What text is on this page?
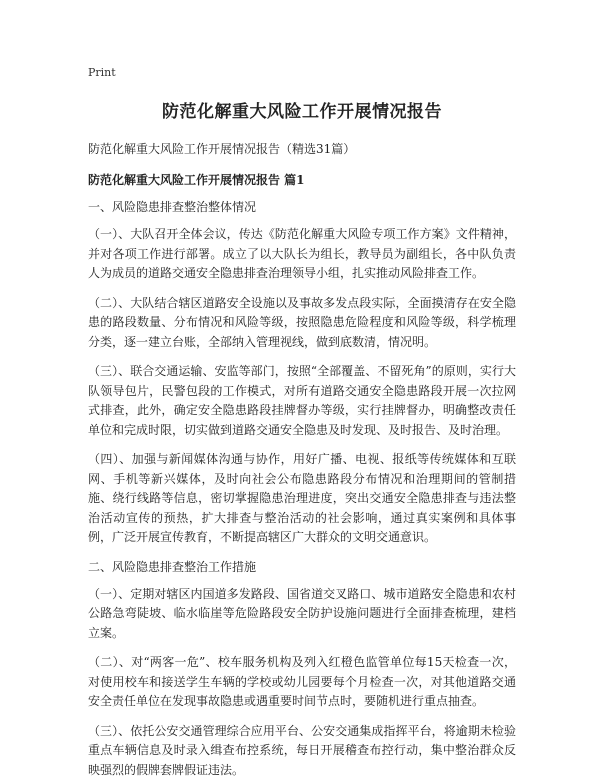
Print
防范化解重大风险工作开展情况报告

防范化解重大风险工作开展情况报告（精选31篇）

防范化解重大风险工作开展情况报告 篇1

一、风险隐患排查整治整体情况

（一）、大队召开全体会议，传达《防范化解重大风险专项工作方案》文件精神，并对各项工作进行部署。成立了以大队长为组长，教导员为副组长，各中队负责人为成员的道路交通安全隐患排查治理领导小组，扎实推动风险排查工作。

（二）、大队结合辖区道路安全设施以及事故多发点段实际，全面摸清存在安全隐患的路段数量、分布情况和风险等级，按照隐患危险程度和风险等级，科学梳理分类，逐一建立台账，全部纳入管理视线，做到底数清，情况明。

（三）、联合交通运输、安监等部门，按照“全部覆盖、不留死角”的原则，实行大队领导包片，民警包段的工作模式，对所有道路交通安全隐患路段开展一次拉网式排查，此外，确定安全隐患路段挂牌督办等级，实行挂牌督办，明确整改责任单位和完成时限，切实做到道路交通安全隐患及时发现、及时报告、及时治理。

（四）、加强与新闻媒体沟通与协作，用好广播、电视、报纸等传统媒体和互联网、手机等新兴媒体，及时向社会公布隐患路段分布情况和治理期间的管制措施、绕行线路等信息，密切掌握隐患治理进度，突出交通安全隐患排查与违法整治活动宣传的预热，扩大排查与整治活动的社会影响，通过真实案例和具体事例，广泛开展宣传教育，不断提高辖区广大群众的文明交通意识。

二、风险隐患排查整治工作措施

（一）、定期对辖区内国道多发路段、国省道交叉路口、城市道路安全隐患和农村公路急弯陡坡、临水临崖等危险路段安全防护设施问题进行全面排查梳理，建档立案。

（二）、对“两客一危”、校车服务机构及列入红橙色监管单位每15天检查一次，对使用校车和接送学生车辆的学校或幼儿园要每个月检查一次，对其他道路交通安全责任单位在发现事故隐患或遇重要时间节点时，要随机进行重点抽查。

（三）、依托公安交通管理综合应用平台、公安交通集成指挥平台，将逾期未检验重点车辆信息及时录入缉查布控系统，每日开展稽查布控行动，集中整治群众反映强烈的假牌套牌假证违法。
